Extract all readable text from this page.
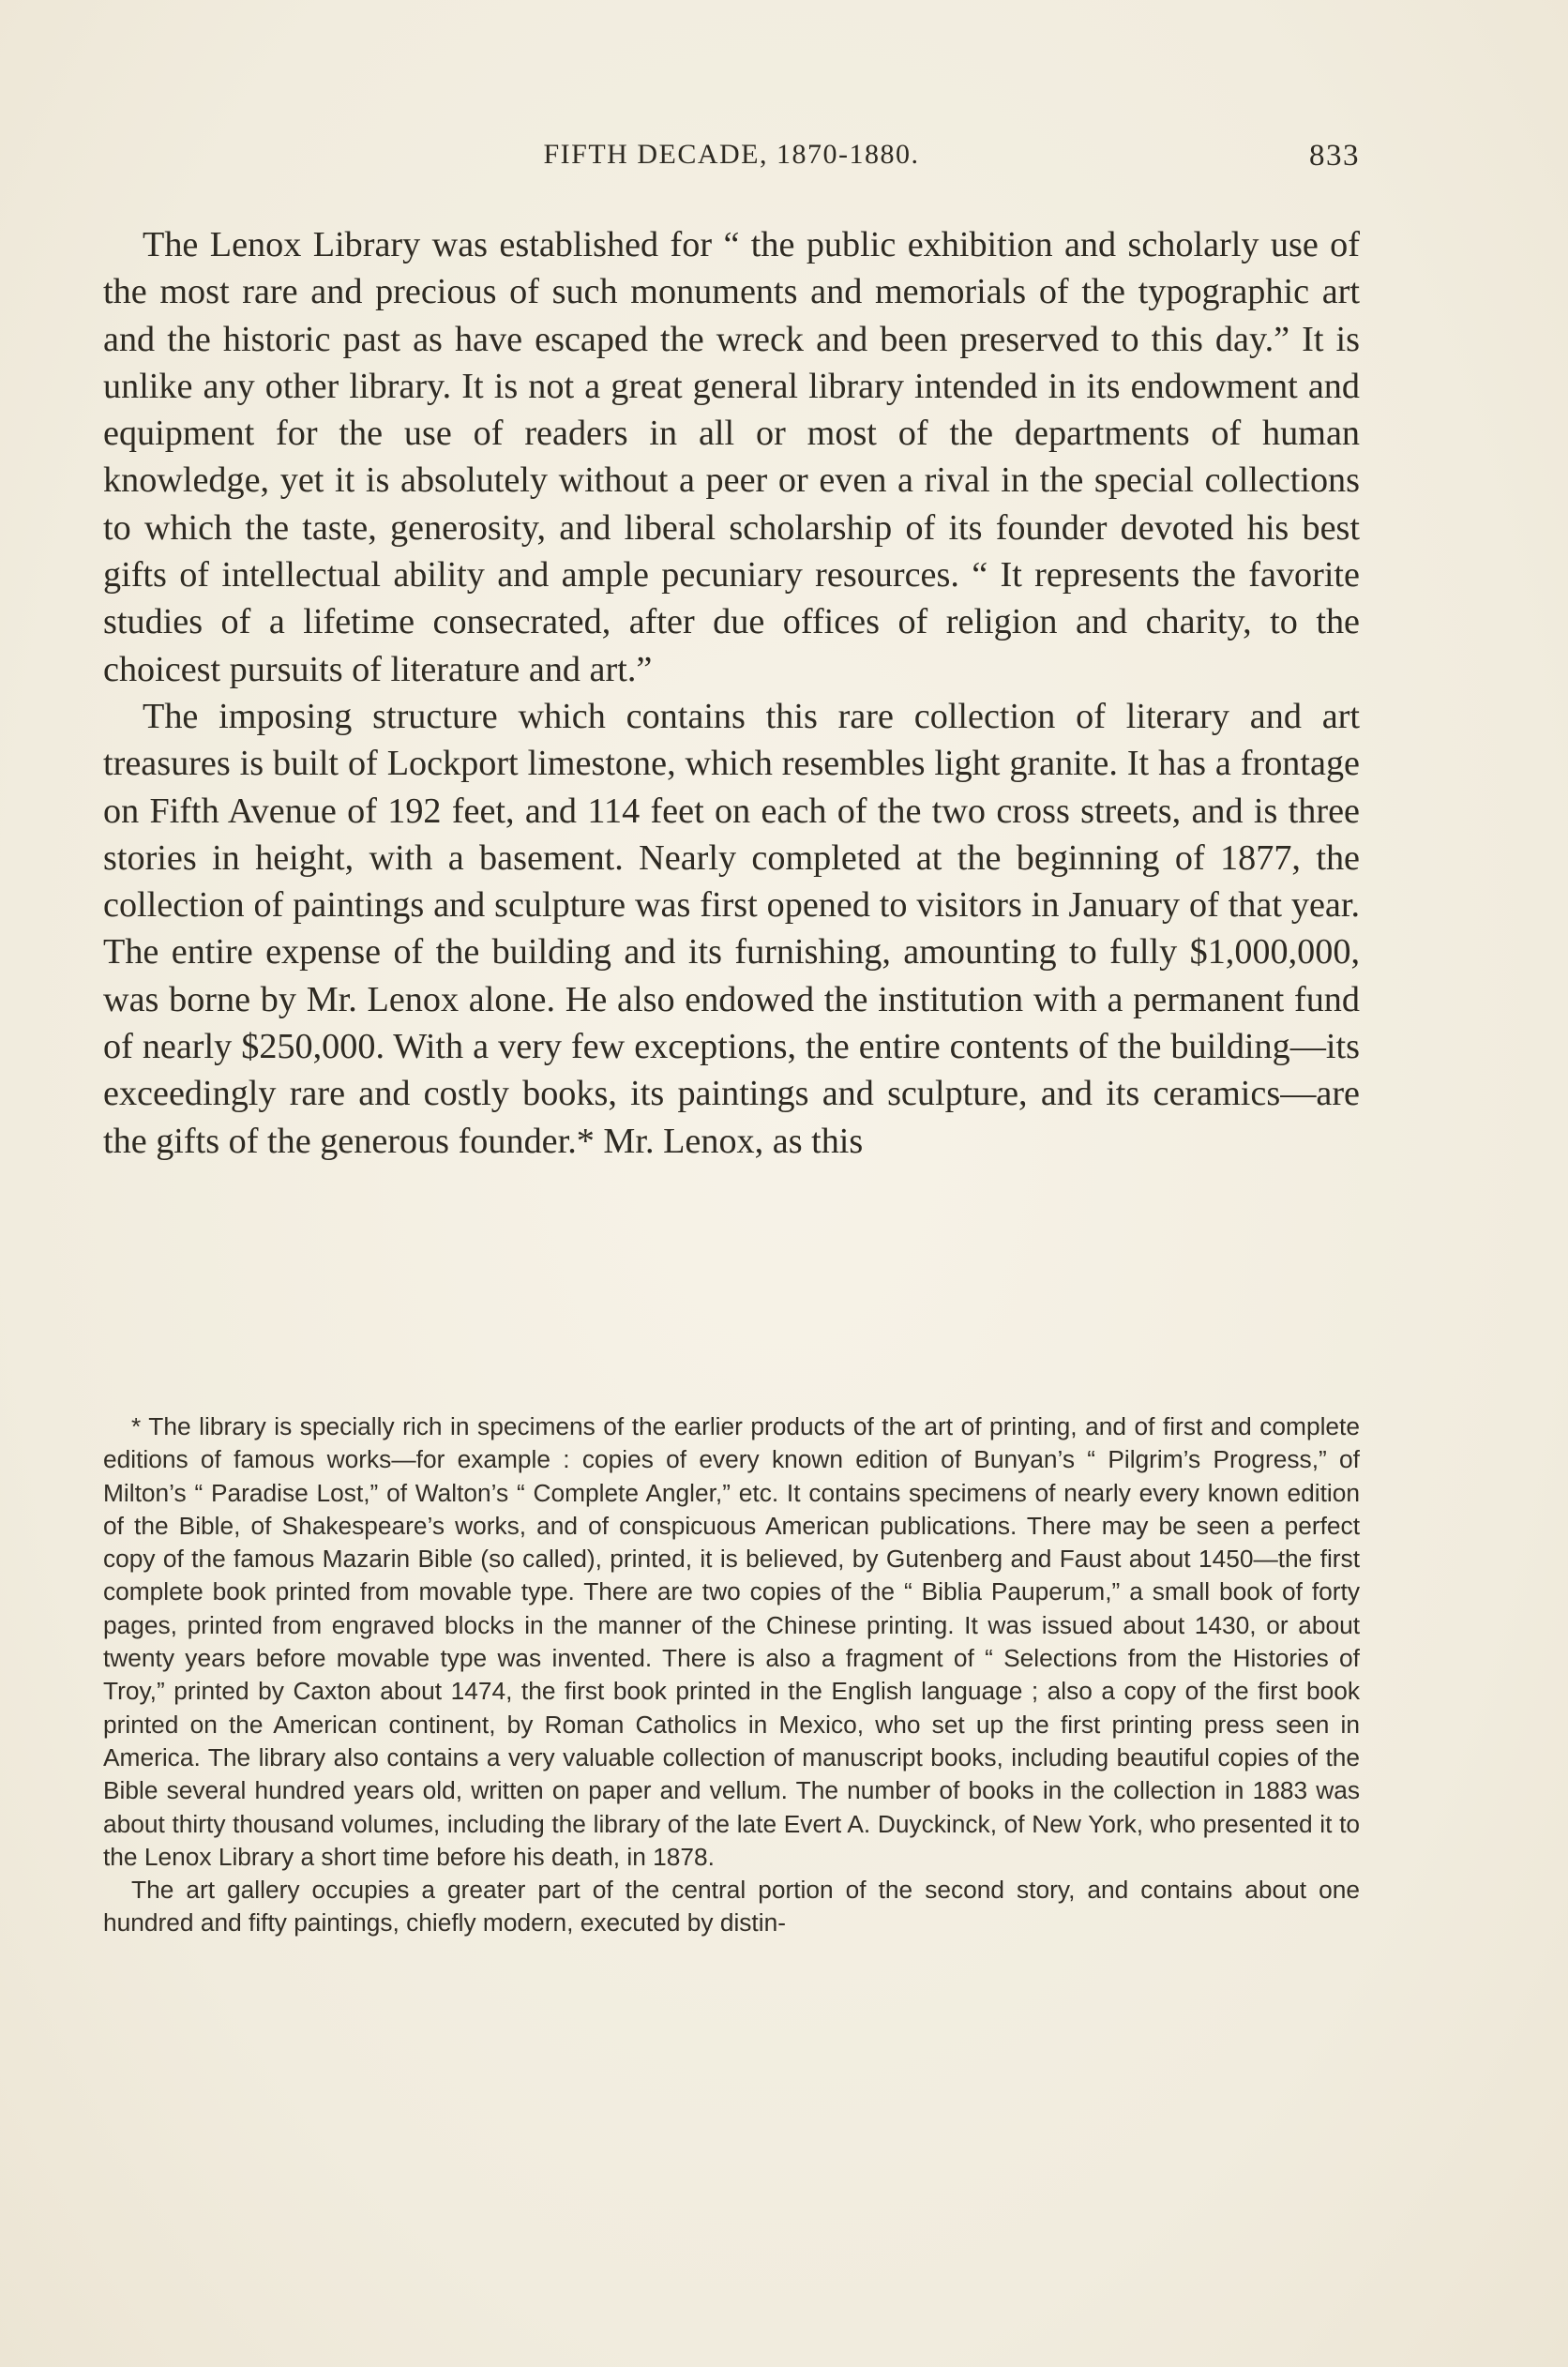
FIFTH DECADE, 1870-1880.	833

The Lenox Library was established for “ the public exhibition and scholarly use of the most rare and precious of such monuments and memorials of the typographic art and the historic past as have escaped the wreck and been preserved to this day.” It is unlike any other library. It is not a great general library intended in its endowment and equipment for the use of readers in all or most of the departments of human knowledge, yet it is absolutely without a peer or even a rival in the special collections to which the taste, generosity, and liberal scholarship of its founder devoted his best gifts of intellectual ability and ample pecuniary resources. “ It represents the favorite studies of a lifetime consecrated, after due offices of religion and charity, to the choicest pursuits of literature and art.”

The imposing structure which contains this rare collection of literary and art treasures is built of Lockport limestone, which resembles light granite. It has a frontage on Fifth Avenue of 192 feet, and 114 feet on each of the two cross streets, and is three stories in height, with a basement. Nearly completed at the beginning of 1877, the collection of paintings and sculpture was first opened to visitors in January of that year. The entire expense of the building and its furnishing, amounting to fully $1,000,000, was borne by Mr. Lenox alone. He also endowed the institution with a permanent fund of nearly $250,000. With a very few exceptions, the entire contents of the building—its exceedingly rare and costly books, its paintings and sculpture, and its ceramics—are the gifts of the generous founder.* Mr. Lenox, as this

* The library is specially rich in specimens of the earlier products of the art of printing, and of first and complete editions of famous works—for example : copies of every known edition of Bunyan’s “ Pilgrim’s Progress,” of Milton’s “ Paradise Lost,” of Walton’s “ Complete Angler,” etc. It contains specimens of nearly every known edition of the Bible, of Shakespeare’s works, and of conspicuous American publications. There may be seen a perfect copy of the famous Mazarin Bible (so called), printed, it is believed, by Gutenberg and Faust about 1450—the first complete book printed from movable type. There are two copies of the “ Biblia Pauperum,” a small book of forty pages, printed from engraved blocks in the manner of the Chinese printing. It was issued about 1430, or about twenty years before movable type was invented. There is also a fragment of “ Selections from the Histories of Troy,” printed by Caxton about 1474, the first book printed in the English language ; also a copy of the first book printed on the American continent, by Roman Catholics in Mexico, who set up the first printing press seen in America. The library also contains a very valuable collection of manuscript books, including beautiful copies of the Bible several hundred years old, written on paper and vellum. The number of books in the collection in 1883 was about thirty thousand volumes, including the library of the late Evert A. Duyckinck, of New York, who presented it to the Lenox Library a short time before his death, in 1878.

The art gallery occupies a greater part of the central portion of the second story, and contains about one hundred and fifty paintings, chiefly modern, executed by distin-
